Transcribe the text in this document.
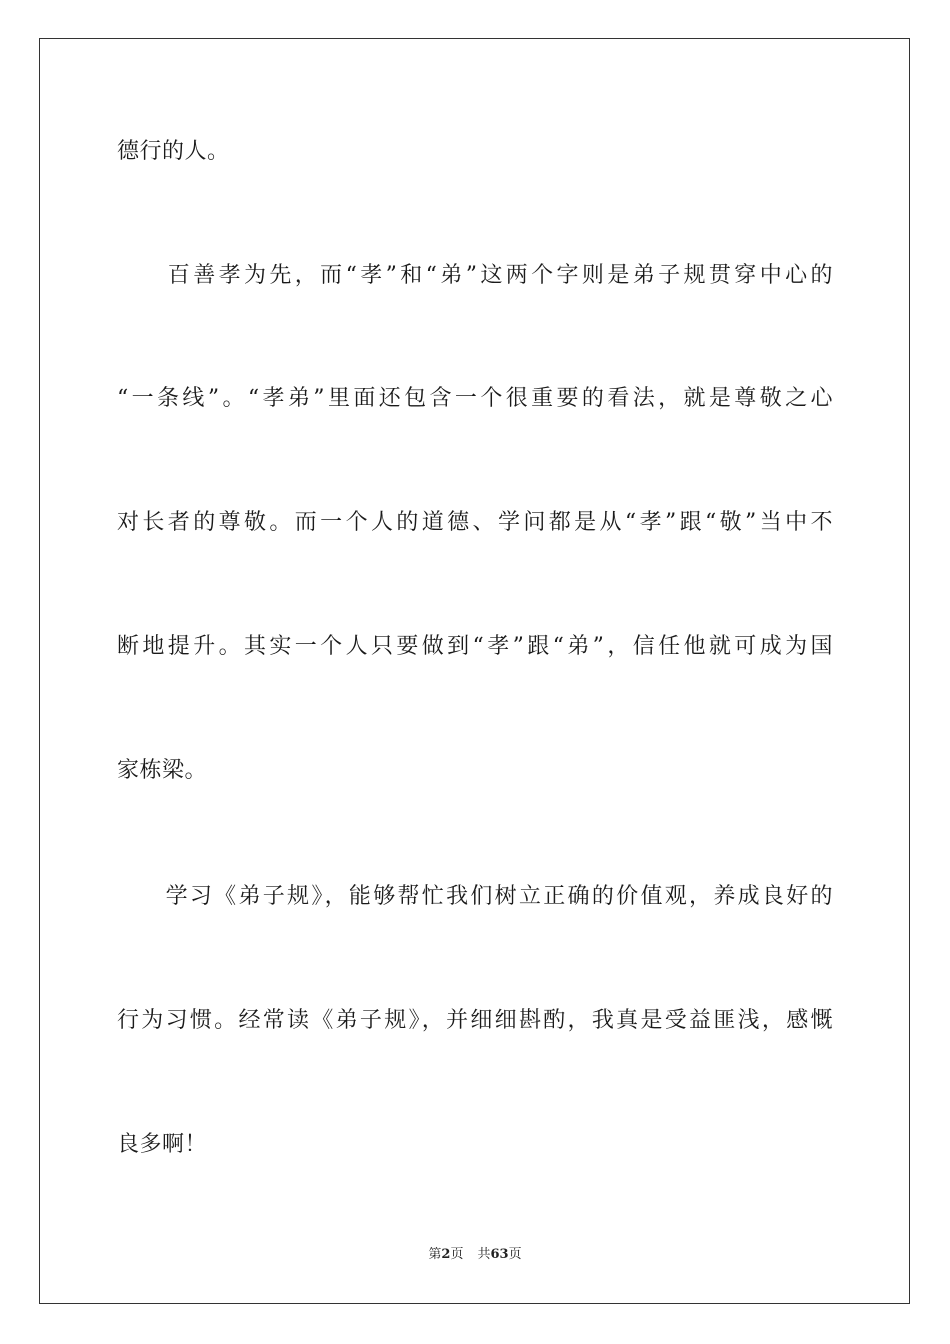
德行的人。
　　百善孝为先，而“孝”和“弟”这两个字则是弟子规贯穿中心的
“一条线”。“孝弟”里面还包含一个很重要的看法，就是尊敬之心
对长者的尊敬。而一个人的道德、学问都是从“孝”跟“敬”当中不
断地提升。其实一个人只要做到“孝”跟“弟”，信任他就可成为国
家栋梁。
　　学习《弟子规》，能够帮忙我们树立正确的价值观，养成良好的
行为习惯。经常读《弟子规》，并细细斟酌，我真是受益匪浅，感慨
良多啊！
第2页 共63页
